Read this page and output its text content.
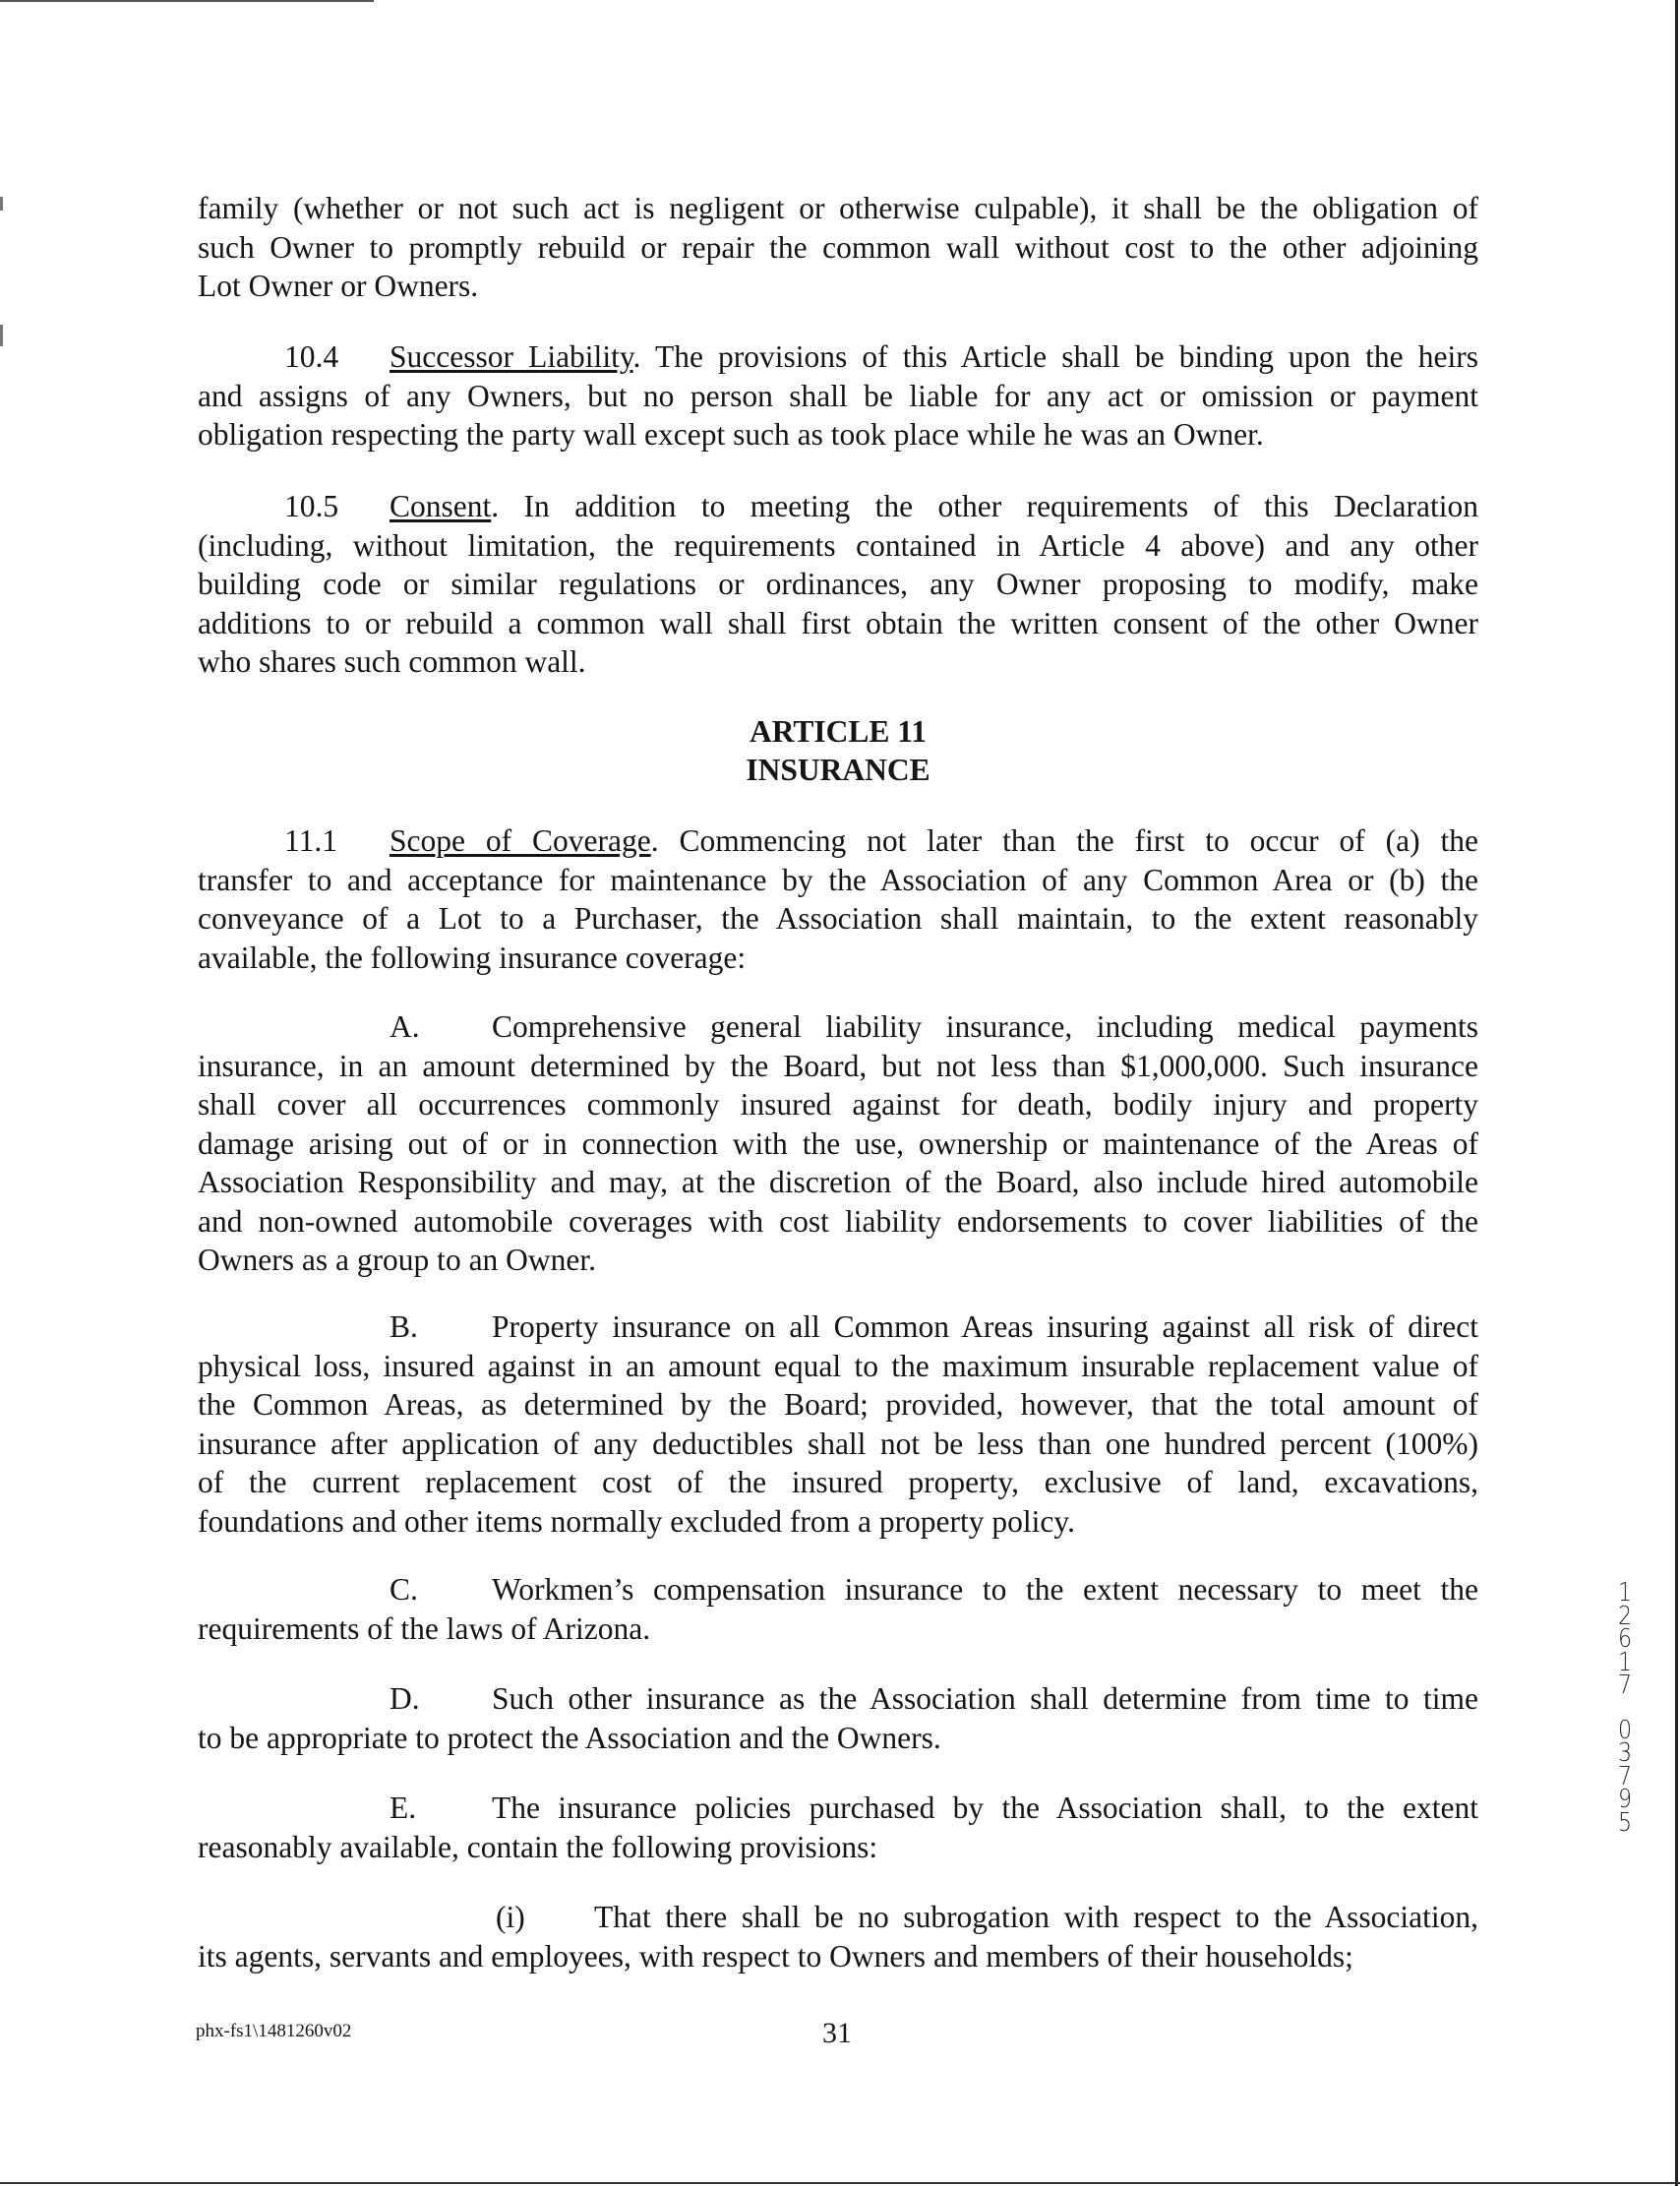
family (whether or not such act is negligent or otherwise culpable), it shall be the obligation of
such Owner to promptly rebuild or repair the common wall without cost to the other adjoining
Lot Owner or Owners.
10.4 Successor Liability. The provisions of this Article shall be binding upon the heirs
and assigns of any Owners, but no person shall be liable for any act or omission or payment
obligation respecting the party wall except such as took place while he was an Owner.
10.5 Consent. In addition to meeting the other requirements of this Declaration
(including, without limitation, the requirements contained in Article 4 above) and any other
building code or similar regulations or ordinances, any Owner proposing to modify, make
additions to or rebuild a common wall shall first obtain the written consent of the other Owner
who shares such common wall.
ARTICLE 11
INSURANCE
11.1 Scope of Coverage. Commencing not later than the first to occur of (a) the
transfer to and acceptance for maintenance by the Association of any Common Area or (b) the
conveyance of a Lot to a Purchaser, the Association shall maintain, to the extent reasonably
available, the following insurance coverage:
A. Comprehensive general liability insurance, including medical payments
insurance, in an amount determined by the Board, but not less than $1,000,000. Such insurance
shall cover all occurrences commonly insured against for death, bodily injury and property
damage arising out of or in connection with the use, ownership or maintenance of the Areas of
Association Responsibility and may, at the discretion of the Board, also include hired automobile
and non-owned automobile coverages with cost liability endorsements to cover liabilities of the
Owners as a group to an Owner.
B. Property insurance on all Common Areas insuring against all risk of direct
physical loss, insured against in an amount equal to the maximum insurable replacement value of
the Common Areas, as determined by the Board; provided, however, that the total amount of
insurance after application of any deductibles shall not be less than one hundred percent (100%)
of the current replacement cost of the insured property, exclusive of land, excavations,
foundations and other items normally excluded from a property policy.
C. Workmen’s compensation insurance to the extent necessary to meet the
requirements of the laws of Arizona.
D. Such other insurance as the Association shall determine from time to time
to be appropriate to protect the Association and the Owners.
E. The insurance policies purchased by the Association shall, to the extent
reasonably available, contain the following provisions:
(i) That there shall be no subrogation with respect to the Association,
its agents, servants and employees, with respect to Owners and members of their households;
phx-fs1\1481260v02	31
1
2
6
1
7
0
3
7
9
5
